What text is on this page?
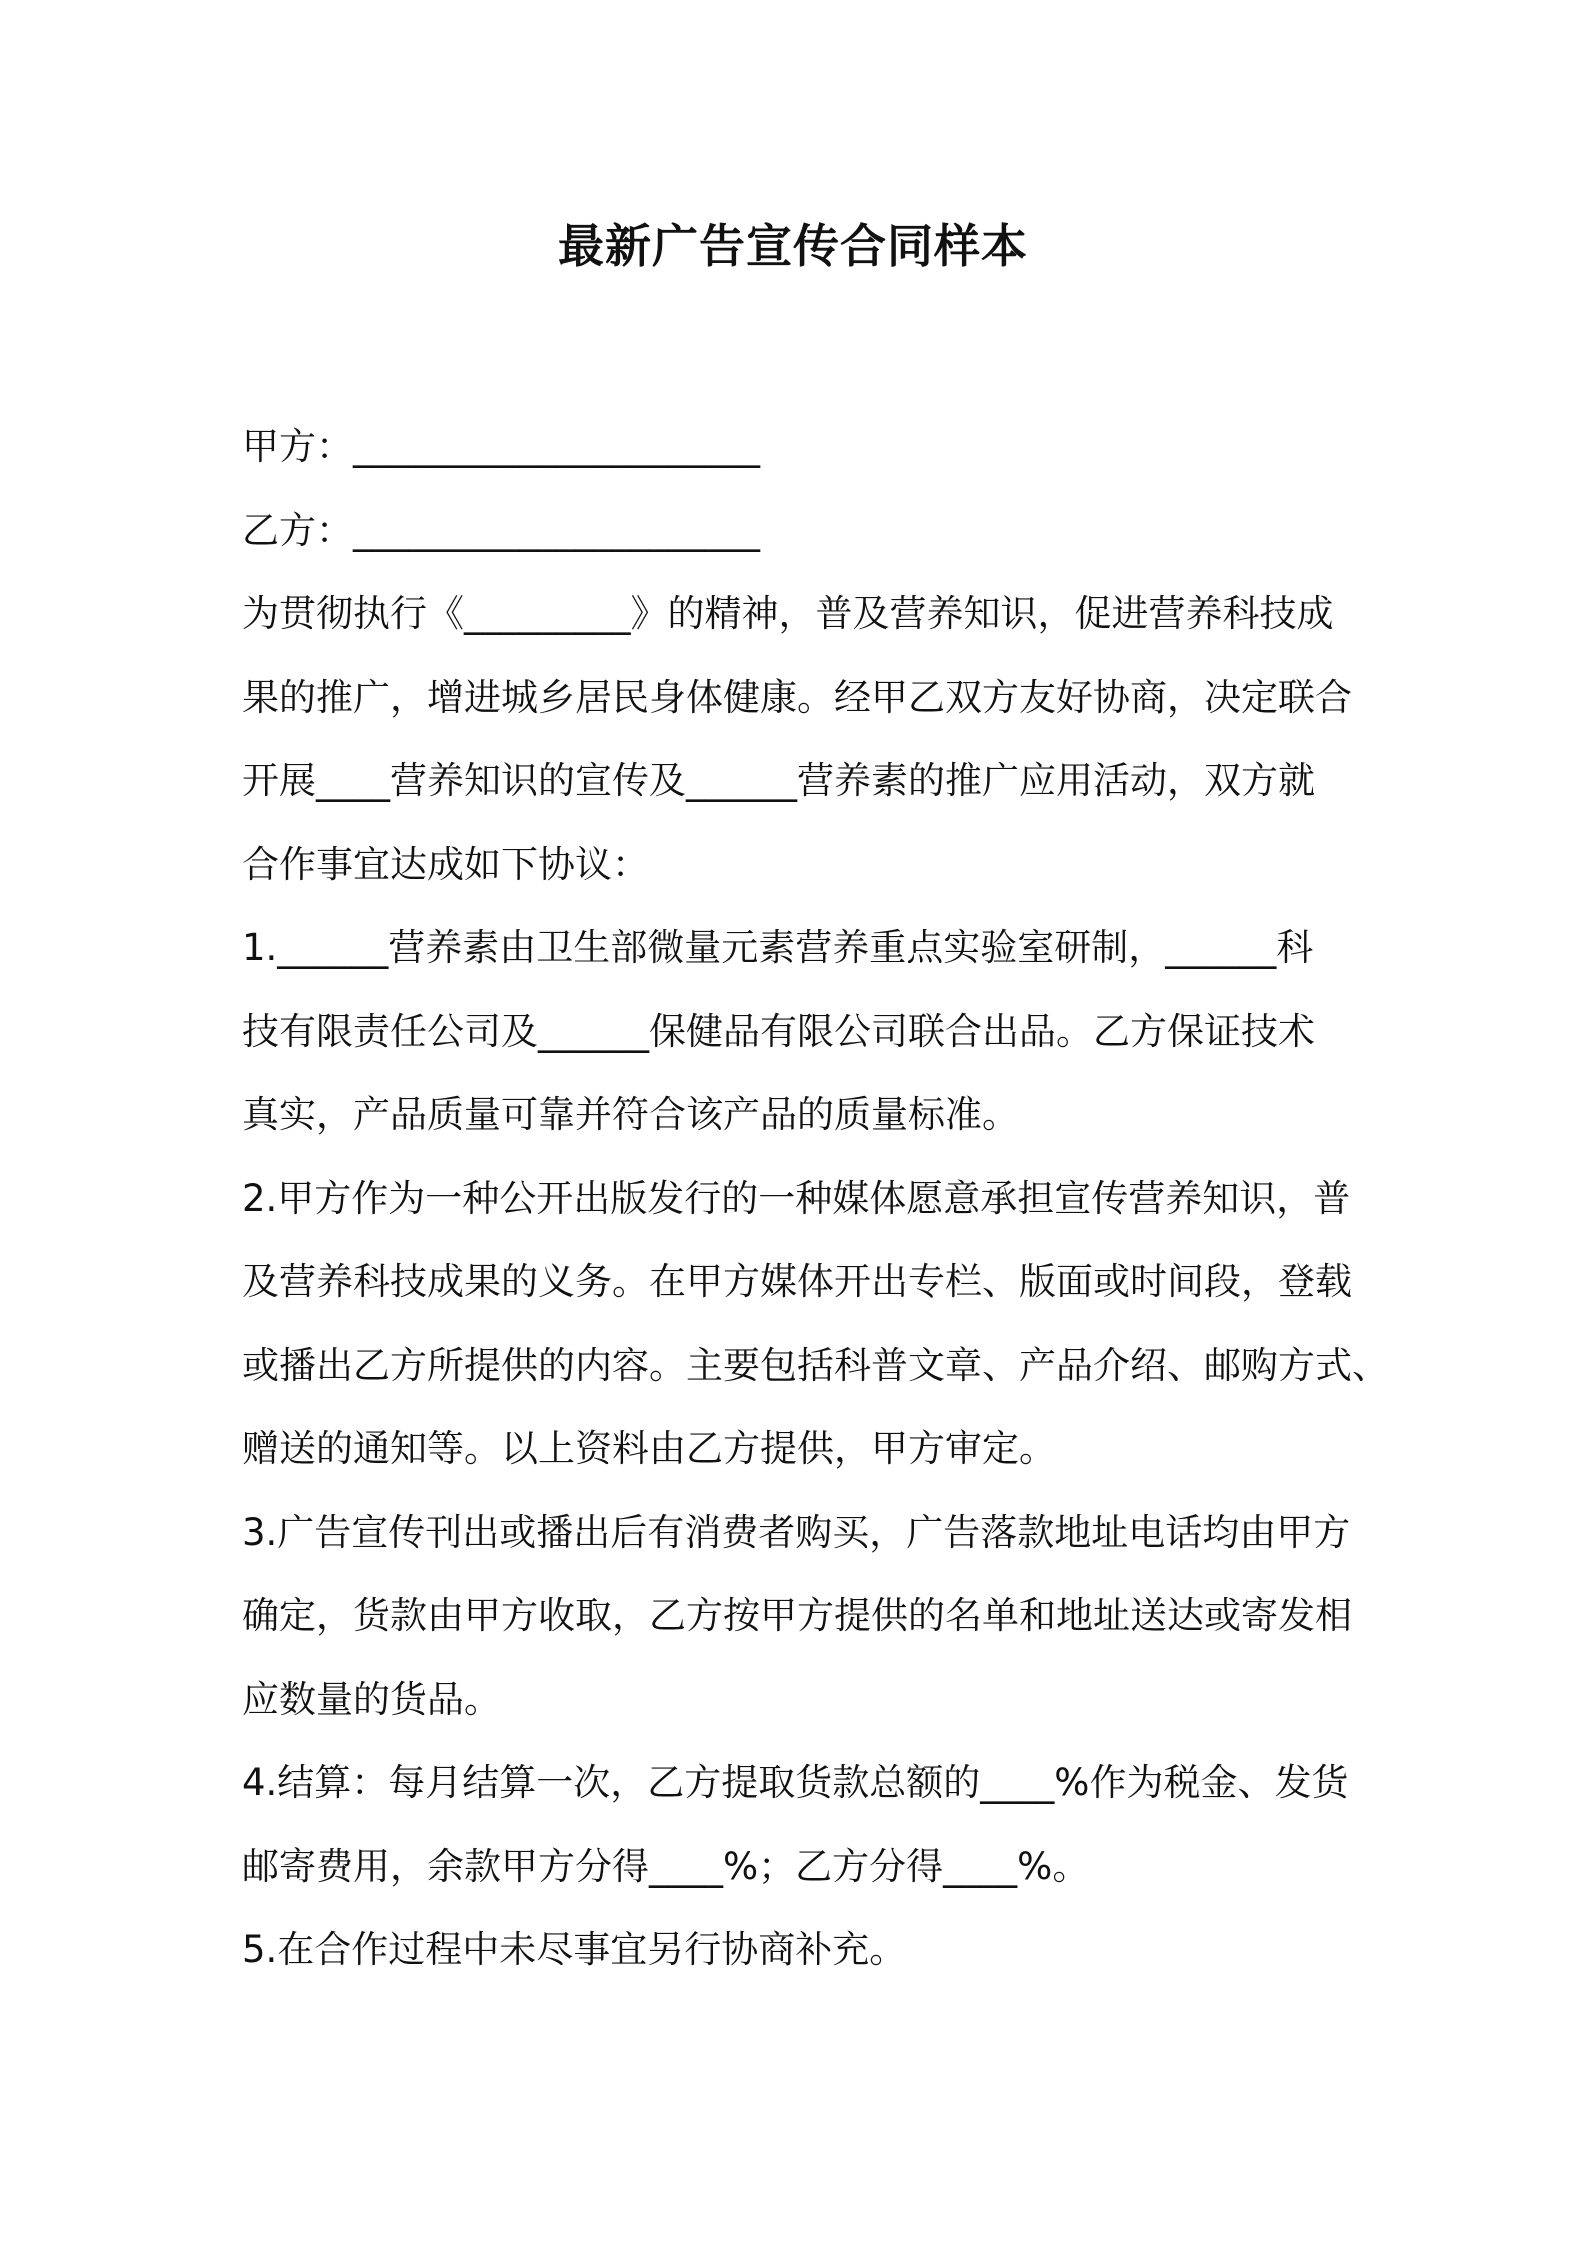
最新广告宣传合同样本
甲方：______________________
乙方：______________________
为贯彻执行《_________》的精神，普及营养知识，促进营养科技成
果的推广，增进城乡居民身体健康。经甲乙双方友好协商，决定联合
开展____营养知识的宣传及______营养素的推广应用活动，双方就
合作事宜达成如下协议：
1.______营养素由卫生部微量元素营养重点实验室研制，______科
技有限责任公司及______保健品有限公司联合出品。乙方保证技术
真实，产品质量可靠并符合该产品的质量标准。
2.甲方作为一种公开出版发行的一种媒体愿意承担宣传营养知识，普
及营养科技成果的义务。在甲方媒体开出专栏、版面或时间段，登载
或播出乙方所提供的内容。主要包括科普文章、产品介绍、邮购方式、
赠送的通知等。以上资料由乙方提供，甲方审定。
3.广告宣传刊出或播出后有消费者购买，广告落款地址电话均由甲方
确定，货款由甲方收取，乙方按甲方提供的名单和地址送达或寄发相
应数量的货品。
4.结算：每月结算一次，乙方提取货款总额的____%作为税金、发货
邮寄费用，余款甲方分得____%；乙方分得____%。
5.在合作过程中未尽事宜另行协商补充。
